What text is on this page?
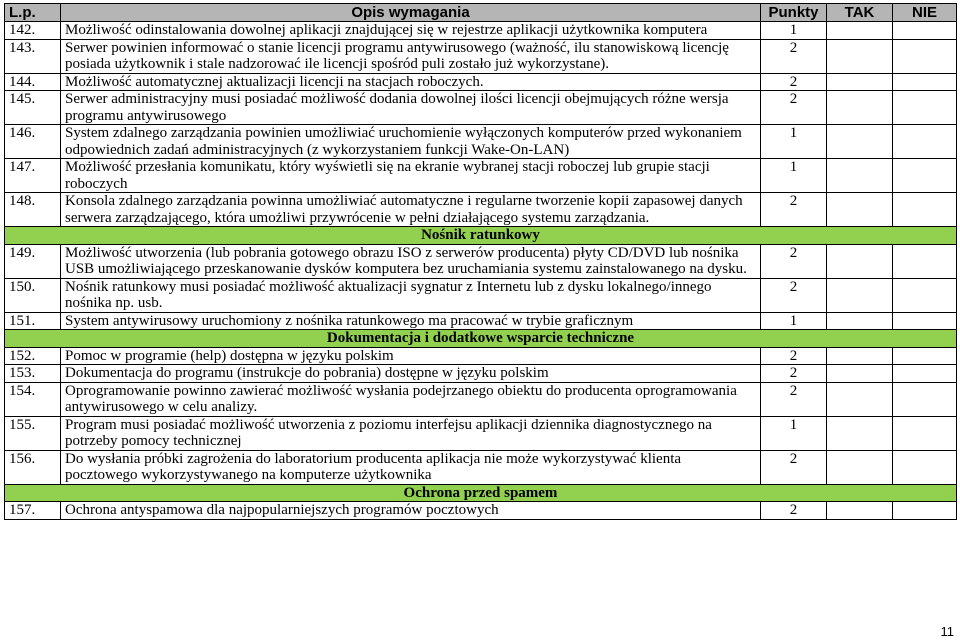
L.p.	Opis wymagania	Punkty	TAK	NIE
142.	Możliwość odinstalowania dowolnej aplikacji znajdującej się w rejestrze aplikacji użytkownika komputera	1		
143.	Serwer powinien informować o stanie licencji programu antywirusowego (ważność, ilu stanowiskową licencję posiada użytkownik i stale nadzorować ile licencji spośród puli zostało już wykorzystane).	2		
144.	Możliwość automatycznej aktualizacji licencji na stacjach roboczych.	2		
145.	Serwer administracyjny musi posiadać możliwość dodania dowolnej ilości licencji obejmujących różne wersja programu antywirusowego	2		
146.	System zdalnego zarządzania powinien umożliwiać uruchomienie wyłączonych komputerów przed wykonaniem odpowiednich zadań administracyjnych (z wykorzystaniem funkcji Wake-On-LAN)	1		
147.	Możliwość przesłania komunikatu, który wyświetli się na ekranie wybranej stacji roboczej lub grupie stacji roboczych	1		
148.	Konsola zdalnego zarządzania powinna umożliwiać automatyczne i regularne tworzenie kopii zapasowej danych serwera zarządzającego, która umożliwi przywrócenie w pełni działającego systemu zarządzania.	2		
Nośnik ratunkowy				
149.	Możliwość utworzenia (lub pobrania gotowego obrazu ISO z serwerów producenta) płyty CD/DVD lub nośnika USB umożliwiającego przeskanowanie dysków komputera bez uruchamiania systemu zainstalowanego na dysku.	2		
150.	Nośnik ratunkowy musi posiadać możliwość aktualizacji sygnatur z Internetu lub z dysku lokalnego/innego nośnika np. usb.	2		
151.	System antywirusowy uruchomiony z nośnika ratunkowego ma pracować w trybie graficznym	1		
Dokumentacja i dodatkowe wsparcie techniczne				
152.	Pomoc w programie (help) dostępna w języku polskim	2		
153.	Dokumentacja do programu (instrukcje do pobrania) dostępne w języku polskim	2		
154.	Oprogramowanie powinno zawierać możliwość wysłania podejrzanego obiektu do producenta oprogramowania antywirusowego w celu analizy.	2		
155.	Program musi posiadać możliwość utworzenia z poziomu interfejsu aplikacji dziennika diagnostycznego na potrzeby pomocy technicznej	1		
156.	Do wysłania próbki zagrożenia do laboratorium producenta aplikacja nie może wykorzystywać klienta pocztowego wykorzystywanego na komputerze użytkownika	2		
Ochrona przed spamem				
157.	Ochrona antyspamowa dla najpopularniejszych programów pocztowych	2		
11
